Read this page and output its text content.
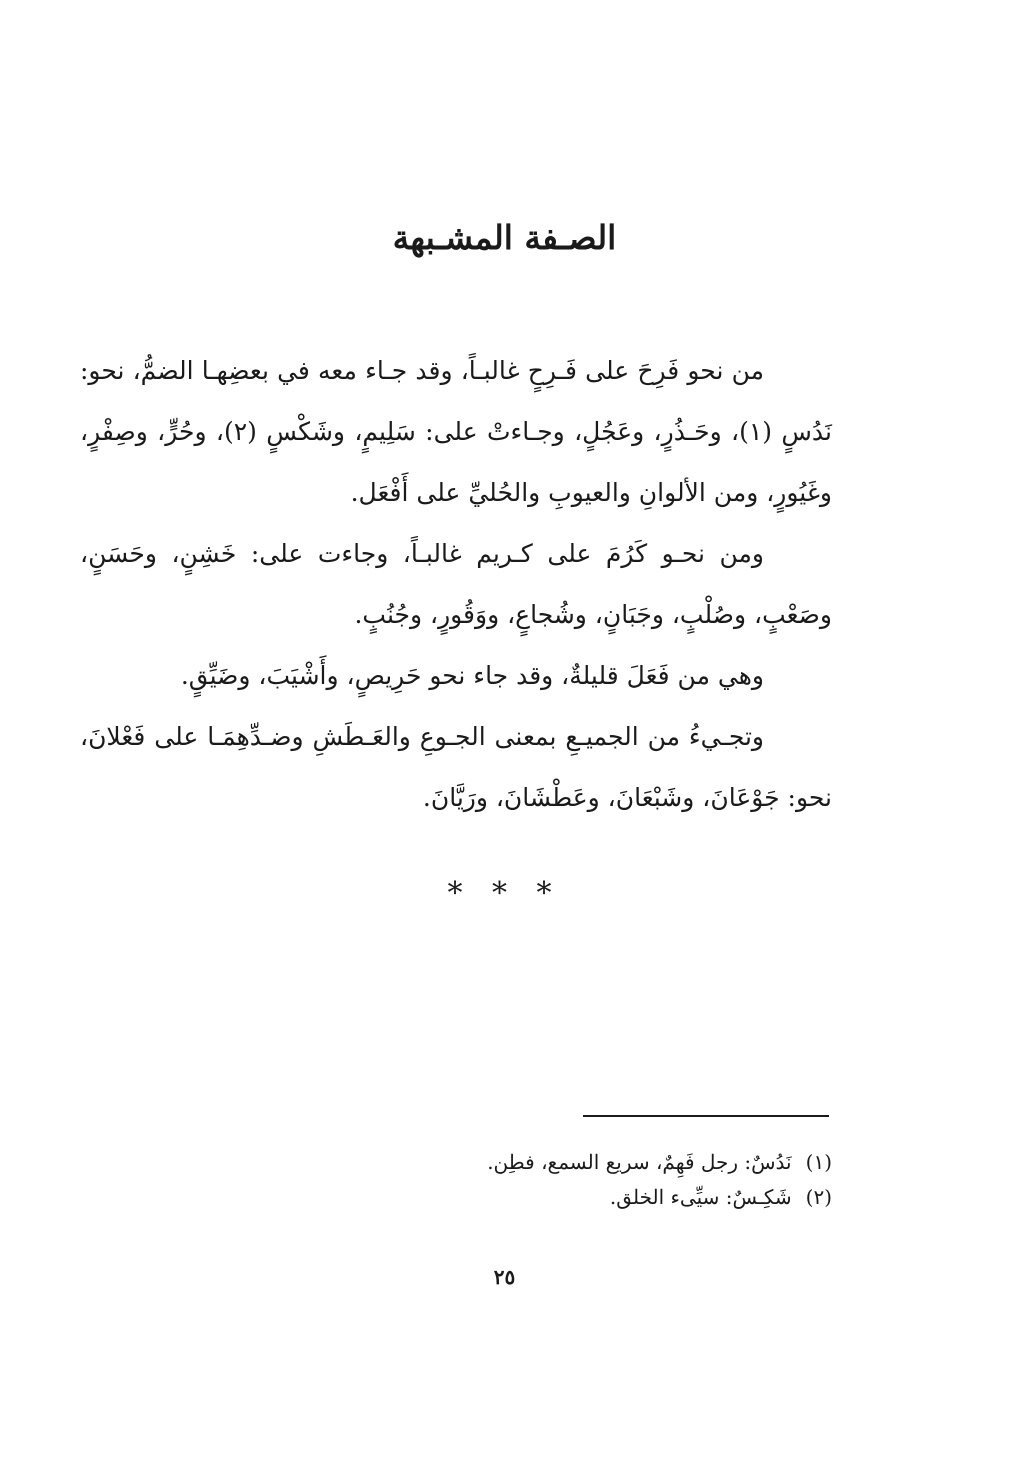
الصـفة المشـبهة

من نحو فَرِحَ على فَـرِحٍ غالبـاً، وقد جـاء معه في بعضِهـا الضمُّ، نحو: نَدُسٍ (١)، وحَـذُرٍ، وعَجُلٍ، وجـاءتْ على: سَلِيمٍ، وشَكْسٍ (٢)، وحُرٍّ، وصِفْرٍ، وغَيُورٍ، ومن الألوانِ والعيوبِ والحُليِّ على أَفْعَل.

ومن نحـو كَرُمَ على كـريم غالبـاً، وجاءت على: خَشِنٍ، وحَسَنٍ، وصَعْبٍ، وصُلْبٍ، وجَبَانٍ، وشُجاعٍ، ووَقُورٍ، وجُنُبٍ.

وهي من فَعَلَ قليلةٌ، وقد جاء نحو حَرِيصٍ، وأَشْيَبَ، وضَيِّقٍ.

وتجـيءُ من الجميـعِ بمعنى الجـوعِ والعَـطَشِ وضـدِّهِمَـا على فَعْلانَ، نحو: جَوْعَانَ، وشَبْعَانَ، وعَطْشَانَ، ورَيَّانَ.

* * *
(١)
نَدُسٌ: رجل فَهِمٌ، سريع السمع، فطِن.
(٢)
شَكِـسٌ: سيِّىء الخلق.
٢٥
